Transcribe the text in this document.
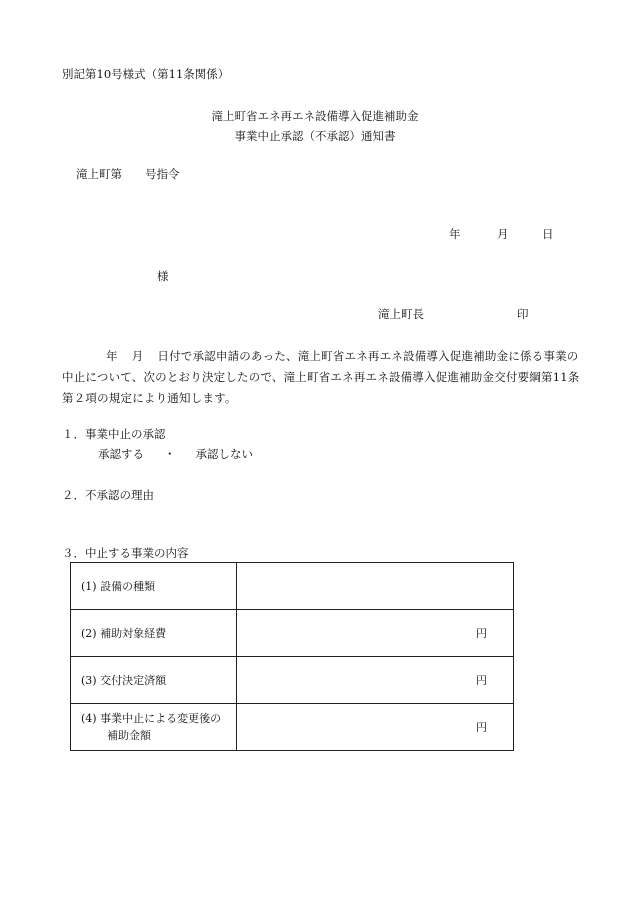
別記第10号様式（第11条関係）
滝上町省エネ再エネ設備導入促進補助金
事業中止承認（不承認）通知書
滝上町第　　号指令
年	月	日
様
滝上町長	印
年 月 日付で承認申請のあった、滝上町省エネ再エネ設備導入促進補助金に係る事業の中止について、次のとおり決定したので、滝上町省エネ再エネ設備導入促進補助金交付要綱第11条第２項の規定により通知します。
１．事業中止の承認
承認する ・ 承認しない
２．不承認の理由
３．中止する事業の内容
(1) 設備の種類	
(2) 補助対象経費	円
(3) 交付決定済額	円

(4) 事業中止による変更後の
補助金額	円
